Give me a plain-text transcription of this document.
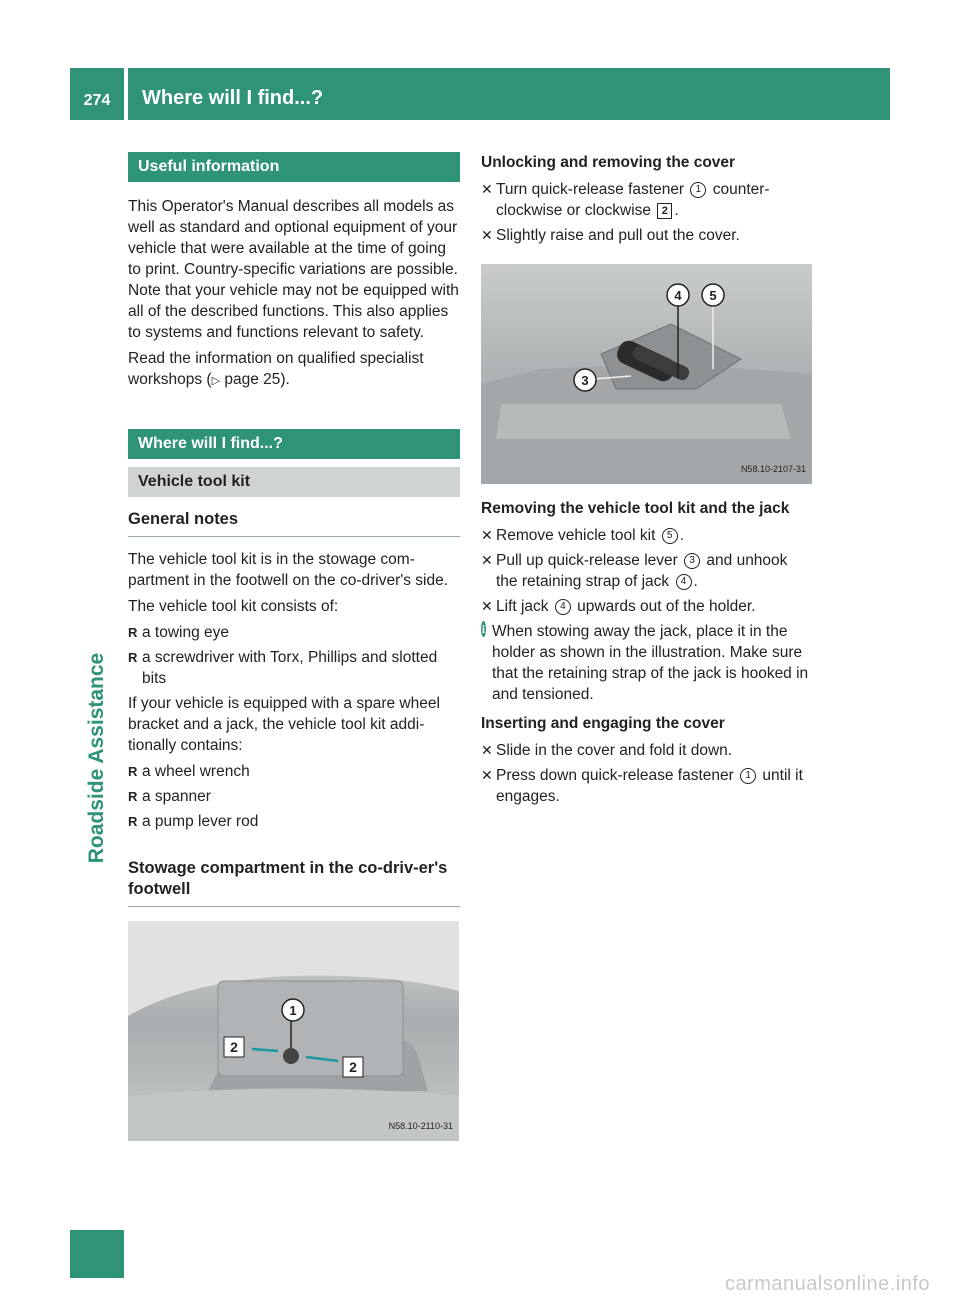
274	Where will I find...?
Roadside Assistance
Useful information

This Operator's Manual describes all models as well as standard and optional equipment of your vehicle that were available at the time of going to print. Country-specific variations are possible. Note that your vehicle may not be equipped with all of the described functions. This also applies to systems and functions relevant to safety.

Read the information on qualified specialist workshops (▷ page 25).

Where will I find...?
Vehicle tool kit
General notes

The vehicle tool kit is in the stowage com-partment in the footwell on the co-driver's side.

The vehicle tool kit consists of:

R a towing eye
R a screwdriver with Torx, Phillips and slotted bits

If your vehicle is equipped with a spare wheel bracket and a jack, the vehicle tool kit addi-tionally contains:

R a wheel wrench
R a spanner
R a pump lever rod
Stowage compartment in the co-driv-er's footwell
1
2
2
N58.10-2110-31
Unlocking and removing the cover
✕ Turn quick-release fastener 1 counter-clockwise or clockwise 2 .
✕ Slightly raise and pull out the cover.
4 5
3
N58.10-2107-31
Removing the vehicle tool kit and the jack
✕ Remove vehicle tool kit 5 .
✕ Pull up quick-release lever 3 and unhook the retaining strap of jack 4 .
✕ Lift jack 4 upwards out of the holder.
i When stowing away the jack, place it in the holder as shown in the illustration. Make sure that the retaining strap of the jack is hooked in and tensioned.
Inserting and engaging the cover
✕ Slide in the cover and fold it down.
✕ Press down quick-release fastener 1 until it engages.
carmanualsonline.info
